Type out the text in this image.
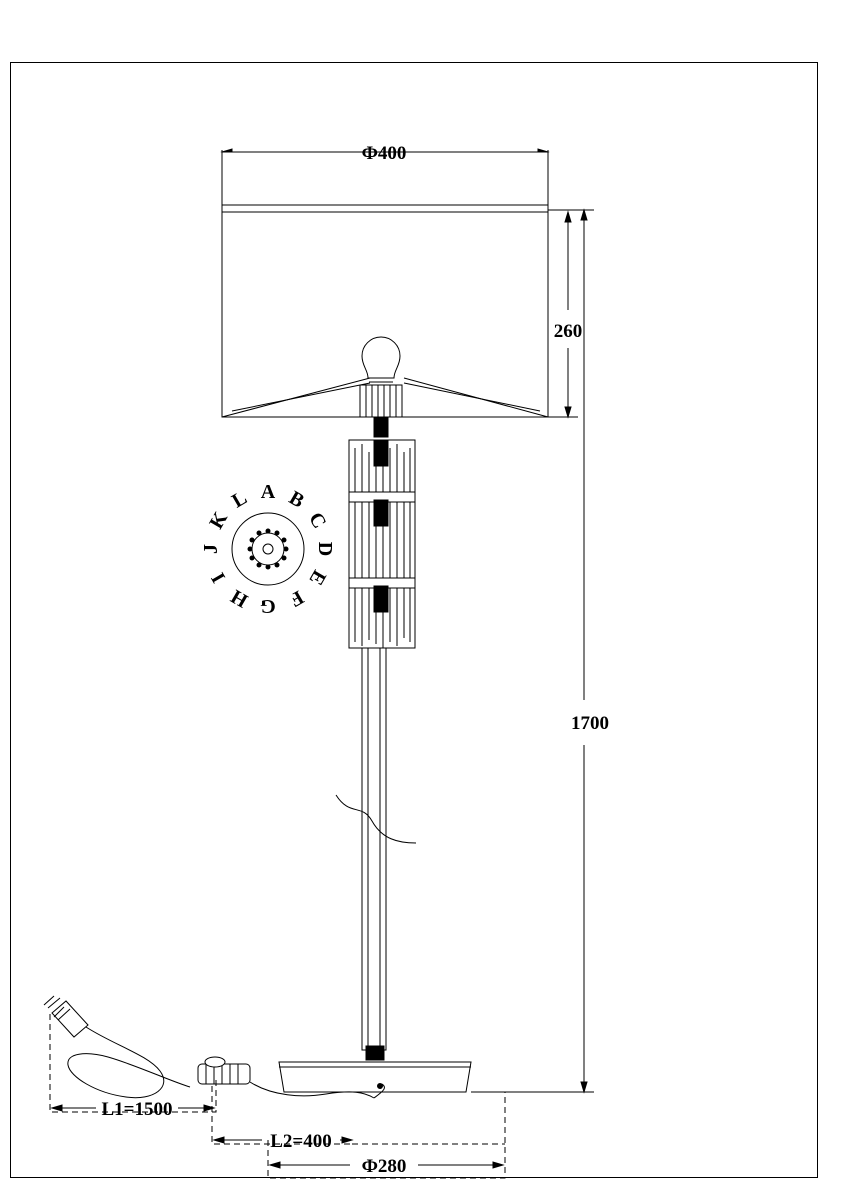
A B
C
D
E
F
G
H
I
J
K
L
Ф400
260
1700
L1=1500
L2=400
Ф280
